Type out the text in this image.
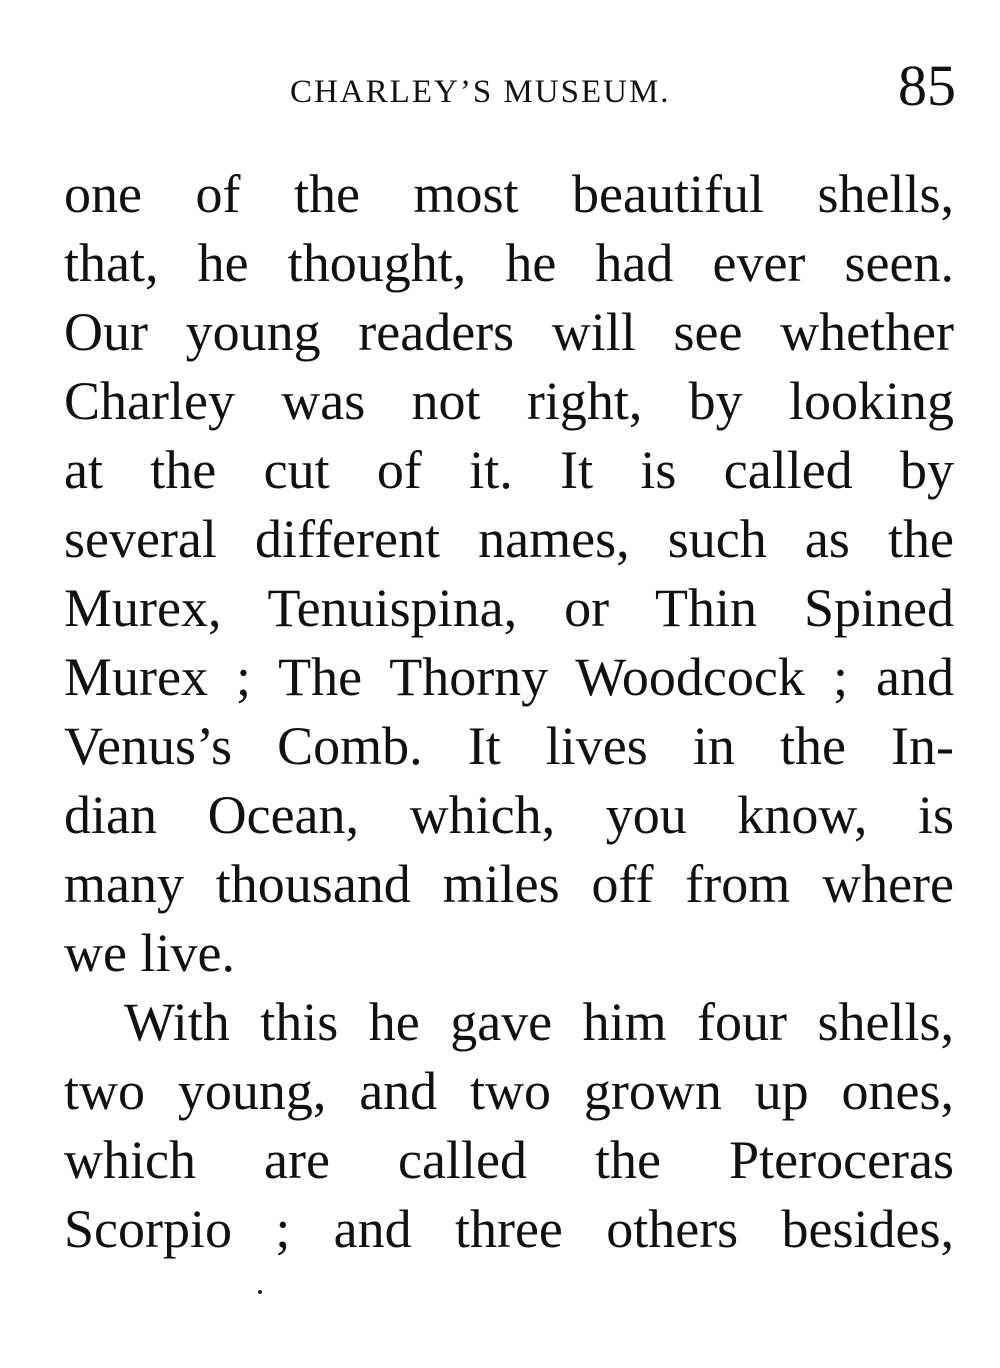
CHARLEY’S MUSEUM.	85
one of the most beautiful shells,
that, he thought, he had ever seen.
Our young readers will see whether
Charley was not right, by looking
at the cut of it. It is called by
several different names, such as the
Murex, Tenuispina, or Thin Spined
Murex ; The Thorny Woodcock ; and
Venus’s Comb. It lives in the In-
dian Ocean, which, you know, is
many thousand miles off from where
we live.
With this he gave him four shells,
two young, and two grown up ones,
which are called the Pteroceras
Scorpio ; and three others besides,
